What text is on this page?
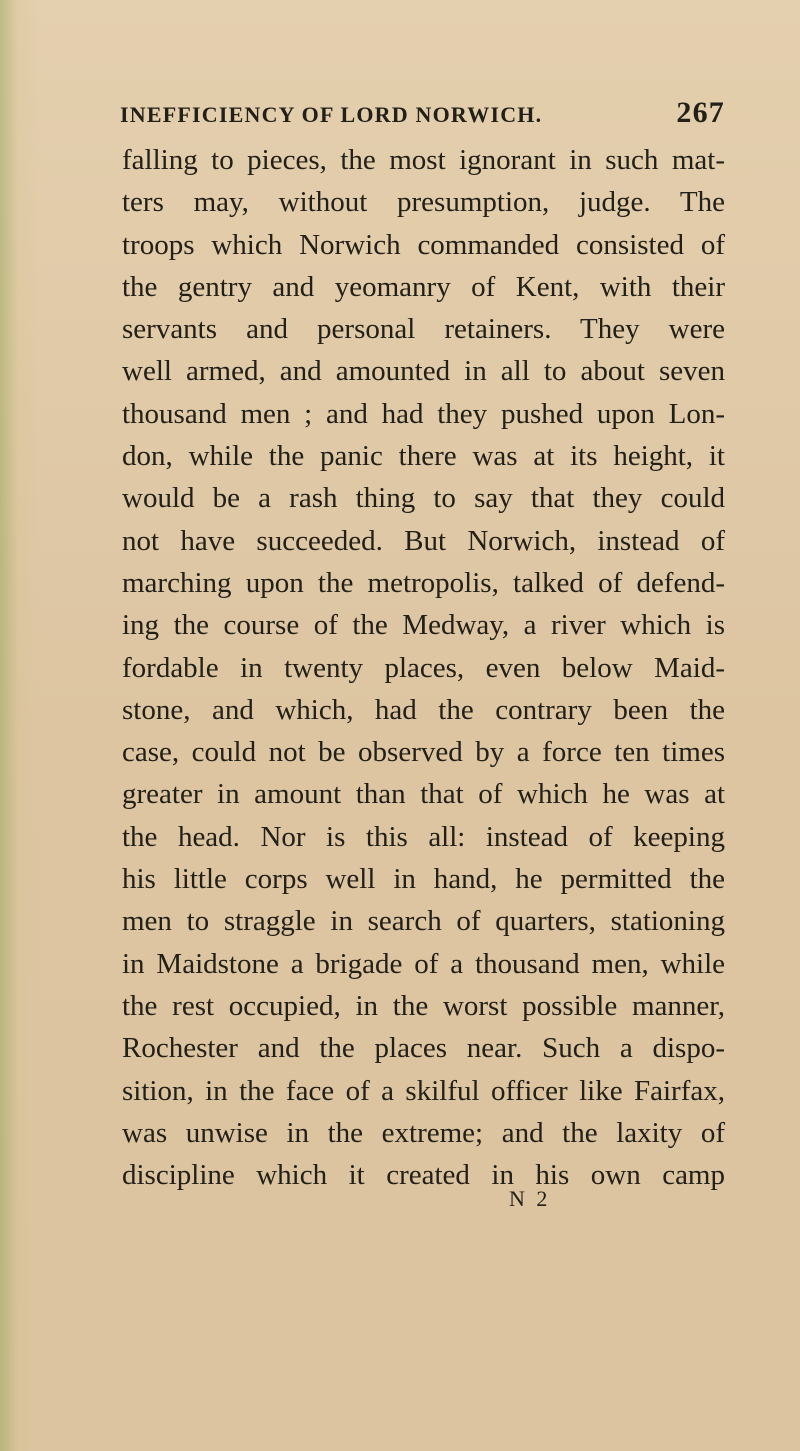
INEFFICIENCY OF LORD NORWICH.	267
falling to pieces, the most ignorant in such mat-
ters may, without presumption, judge. The
troops which Norwich commanded consisted of
the gentry and yeomanry of Kent, with their
servants and personal retainers. They were
well armed, and amounted in all to about seven
thousand men ; and had they pushed upon Lon-
don, while the panic there was at its height, it
would be a rash thing to say that they could
not have succeeded. But Norwich, instead of
marching upon the metropolis, talked of defend-
ing the course of the Medway, a river which is
fordable in twenty places, even below Maid-
stone, and which, had the contrary been the
case, could not be observed by a force ten times
greater in amount than that of which he was at
the head. Nor is this all: instead of keeping
his little corps well in hand, he permitted the
men to straggle in search of quarters, stationing
in Maidstone a brigade of a thousand men, while
the rest occupied, in the worst possible manner,
Rochester and the places near. Such a dispo-
sition, in the face of a skilful officer like Fairfax,
was unwise in the extreme; and the laxity of
discipline which it created in his own camp
N 2
